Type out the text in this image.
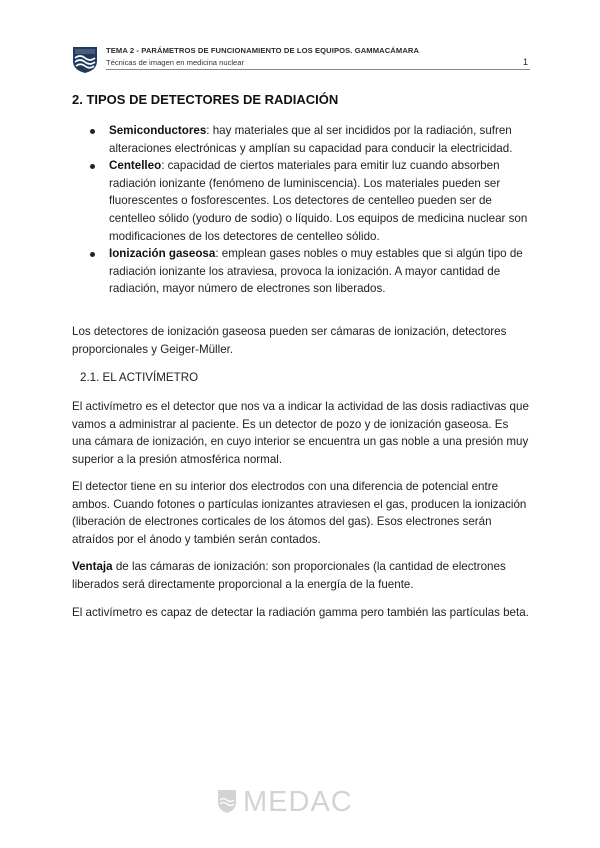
TEMA 2 - PARÁMETROS DE FUNCIONAMIENTO DE LOS EQUIPOS. GAMMACÁMARA
Técnicas de imagen en medicina nuclear	1
2. TIPOS DE DETECTORES DE RADIACIÓN
Semiconductores: hay materiales que al ser incididos por la radiación, sufren alteraciones electrónicas y amplían su capacidad para conducir la electricidad.
Centelleo: capacidad de ciertos materiales para emitir luz cuando absorben radiación ionizante (fenómeno de luminiscencia). Los materiales pueden ser fluorescentes o fosforescentes. Los detectores de centelleo pueden ser de centelleo sólido (yoduro de sodio) o líquido. Los equipos de medicina nuclear son modificaciones de los detectores de centelleo sólido.
Ionización gaseosa: emplean gases nobles o muy estables que si algún tipo de radiación ionizante los atraviesa, provoca la ionización. A mayor cantidad de radiación, mayor número de electrones son liberados.

Los detectores de ionización gaseosa pueden ser cámaras de ionización, detectores proporcionales y Geiger-Müller.

2.1. EL ACTIVÍMETRO

El activímetro es el detector que nos va a indicar la actividad de las dosis radiactivas que vamos a administrar al paciente. Es un detector de pozo y de ionización gaseosa. Es una cámara de ionización, en cuyo interior se encuentra un gas noble a una presión muy superior a la presión atmosférica normal.

El detector tiene en su interior dos electrodos con una diferencia de potencial entre ambos. Cuando fotones o partículas ionizantes atraviesen el gas, producen la ionización (liberación de electrones corticales de los átomos del gas). Esos electrones serán atraídos por el ánodo y también serán contados.

Ventaja de las cámaras de ionización: son proporcionales (la cantidad de electrones liberados será directamente proporcional a la energía de la fuente.

El activímetro es capaz de detectar la radiación gamma pero también las partículas beta.

MEDAC
